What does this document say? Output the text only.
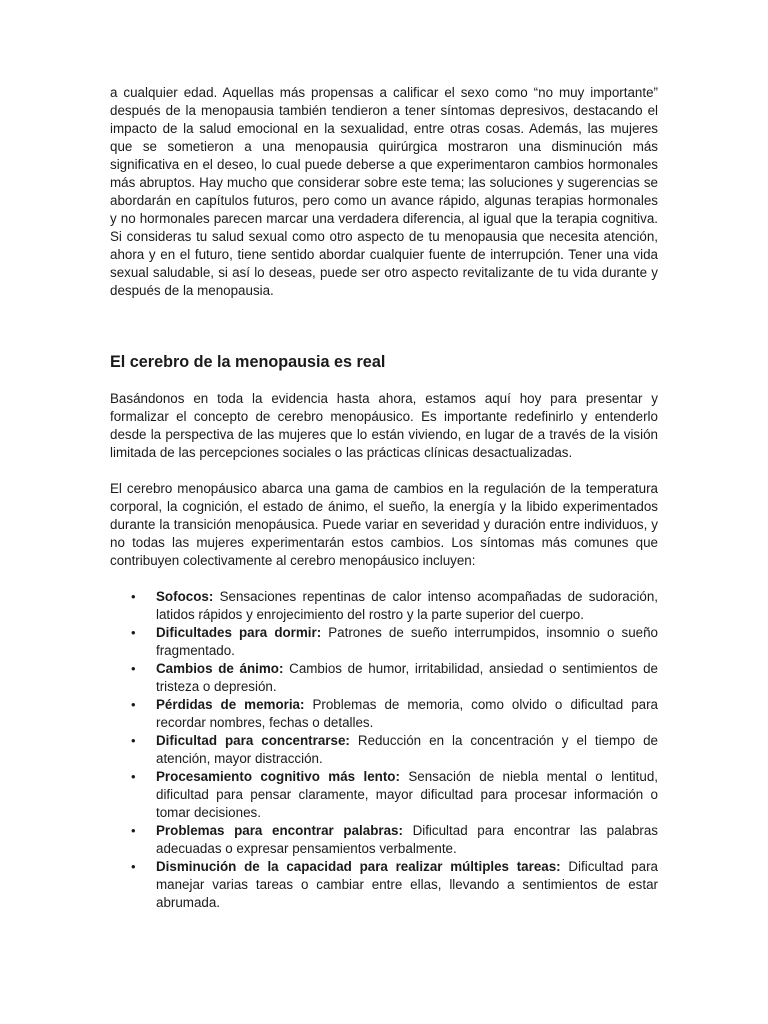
a cualquier edad. Aquellas más propensas a calificar el sexo como “no muy importante” después de la menopausia también tendieron a tener síntomas depresivos, destacando el impacto de la salud emocional en la sexualidad, entre otras cosas. Además, las mujeres que se sometieron a una menopausia quirúrgica mostraron una disminución más significativa en el deseo, lo cual puede deberse a que experimentaron cambios hormonales más abruptos. Hay mucho que considerar sobre este tema; las soluciones y sugerencias se abordarán en capítulos futuros, pero como un avance rápido, algunas terapias hormonales y no hormonales parecen marcar una verdadera diferencia, al igual que la terapia cognitiva. Si consideras tu salud sexual como otro aspecto de tu menopausia que necesita atención, ahora y en el futuro, tiene sentido abordar cualquier fuente de interrupción. Tener una vida sexual saludable, si así lo deseas, puede ser otro aspecto revitalizante de tu vida durante y después de la menopausia.

El cerebro de la menopausia es real

Basándonos en toda la evidencia hasta ahora, estamos aquí hoy para presentar y formalizar el concepto de cerebro menopáusico. Es importante redefinirlo y entenderlo desde la perspectiva de las mujeres que lo están viviendo, en lugar de a través de la visión limitada de las percepciones sociales o las prácticas clínicas desactualizadas.

El cerebro menopáusico abarca una gama de cambios en la regulación de la temperatura corporal, la cognición, el estado de ánimo, el sueño, la energía y la libido experimentados durante la transición menopáusica. Puede variar en severidad y duración entre individuos, y no todas las mujeres experimentarán estos cambios. Los síntomas más comunes que contribuyen colectivamente al cerebro menopáusico incluyen:

• Sofocos: Sensaciones repentinas de calor intenso acompañadas de sudoración, latidos rápidos y enrojecimiento del rostro y la parte superior del cuerpo.
• Dificultades para dormir: Patrones de sueño interrumpidos, insomnio o sueño fragmentado.
• Cambios de ánimo: Cambios de humor, irritabilidad, ansiedad o sentimientos de tristeza o depresión.
• Pérdidas de memoria: Problemas de memoria, como olvido o dificultad para recordar nombres, fechas o detalles.
• Dificultad para concentrarse: Reducción en la concentración y el tiempo de atención, mayor distracción.
• Procesamiento cognitivo más lento: Sensación de niebla mental o lentitud, dificultad para pensar claramente, mayor dificultad para procesar información o tomar decisiones.
• Problemas para encontrar palabras: Dificultad para encontrar las palabras adecuadas o expresar pensamientos verbalmente.
• Disminución de la capacidad para realizar múltiples tareas: Dificultad para manejar varias tareas o cambiar entre ellas, llevando a sentimientos de estar abrumada.
